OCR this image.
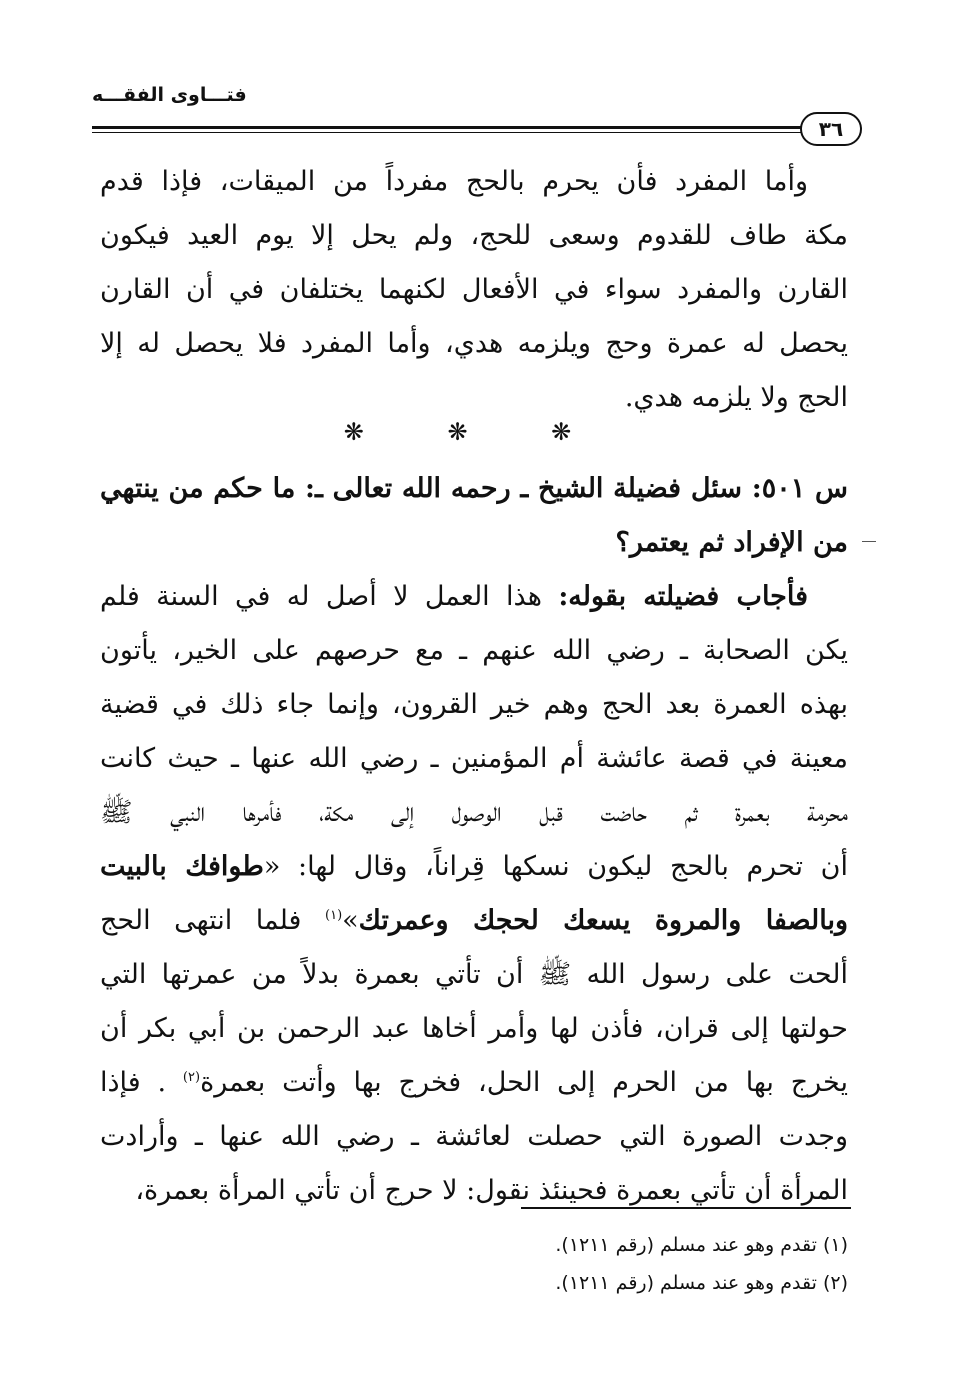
فتـــاوى الفقـــه
٣٦
وأما المفرد فأن يحرم بالحج مفرداً من الميقات، فإذا قدم
مكة طاف للقدوم وسعى للحج، ولم يحل إلا يوم العيد فيكون
القارن والمفرد سواء في الأفعال لكنهما يختلفان في أن القارن
يحصل له عمرة وحج ويلزمه هدي، وأما المفرد فلا يحصل له إلا
الحج ولا يلزمه هدي.
❋ ❋ ❋
س ٥٠١: سئل فضيلة الشيخ ـ رحمه الله تعالى ـ: ما حكم من ينتهي
من الإفراد ثم يعتمر؟
فأجاب فضيلته بقوله: هذا العمل لا أصل له في السنة فلم
يكن الصحابة ـ رضي الله عنهم ـ مع حرصهم على الخير، يأتون
بهذه العمرة بعد الحج وهم خير القرون، وإنما جاء ذلك في قضية
معينة في قصة عائشة أم المؤمنين ـ رضي الله عنها ـ حيث كانت
محرمة بعمرة ثم حاضت قبل الوصول إلى مكة، فأمرها النبي ﷺ
أن تحرم بالحج ليكون نسكها قِراناً، وقال لها: «طوافك بالبيت
وبالصفا والمروة يسعك لحجك وعمرتك»$^{(١)}$ فلما انتهى الحج
ألحت على رسول الله ﷺ أن تأتي بعمرة بدلاً من عمرتها التي
حولتها إلى قران، فأذن لها وأمر أخاها عبد الرحمن بن أبي بكر أن
يخرج بها من الحرم إلى الحل، فخرج بها وأتت بعمرة$^{(٢)}$ . فإذا
وجدت الصورة التي حصلت لعائشة ـ رضي الله عنها ـ وأرادت
المرأة أن تأتي بعمرة فحينئذ نقول: لا حرج أن تأتي المرأة بعمرة،
(١) تقدم وهو عند مسلم (رقم ١٢١١).
(٢) تقدم وهو عند مسلم (رقم ١٢١١).
